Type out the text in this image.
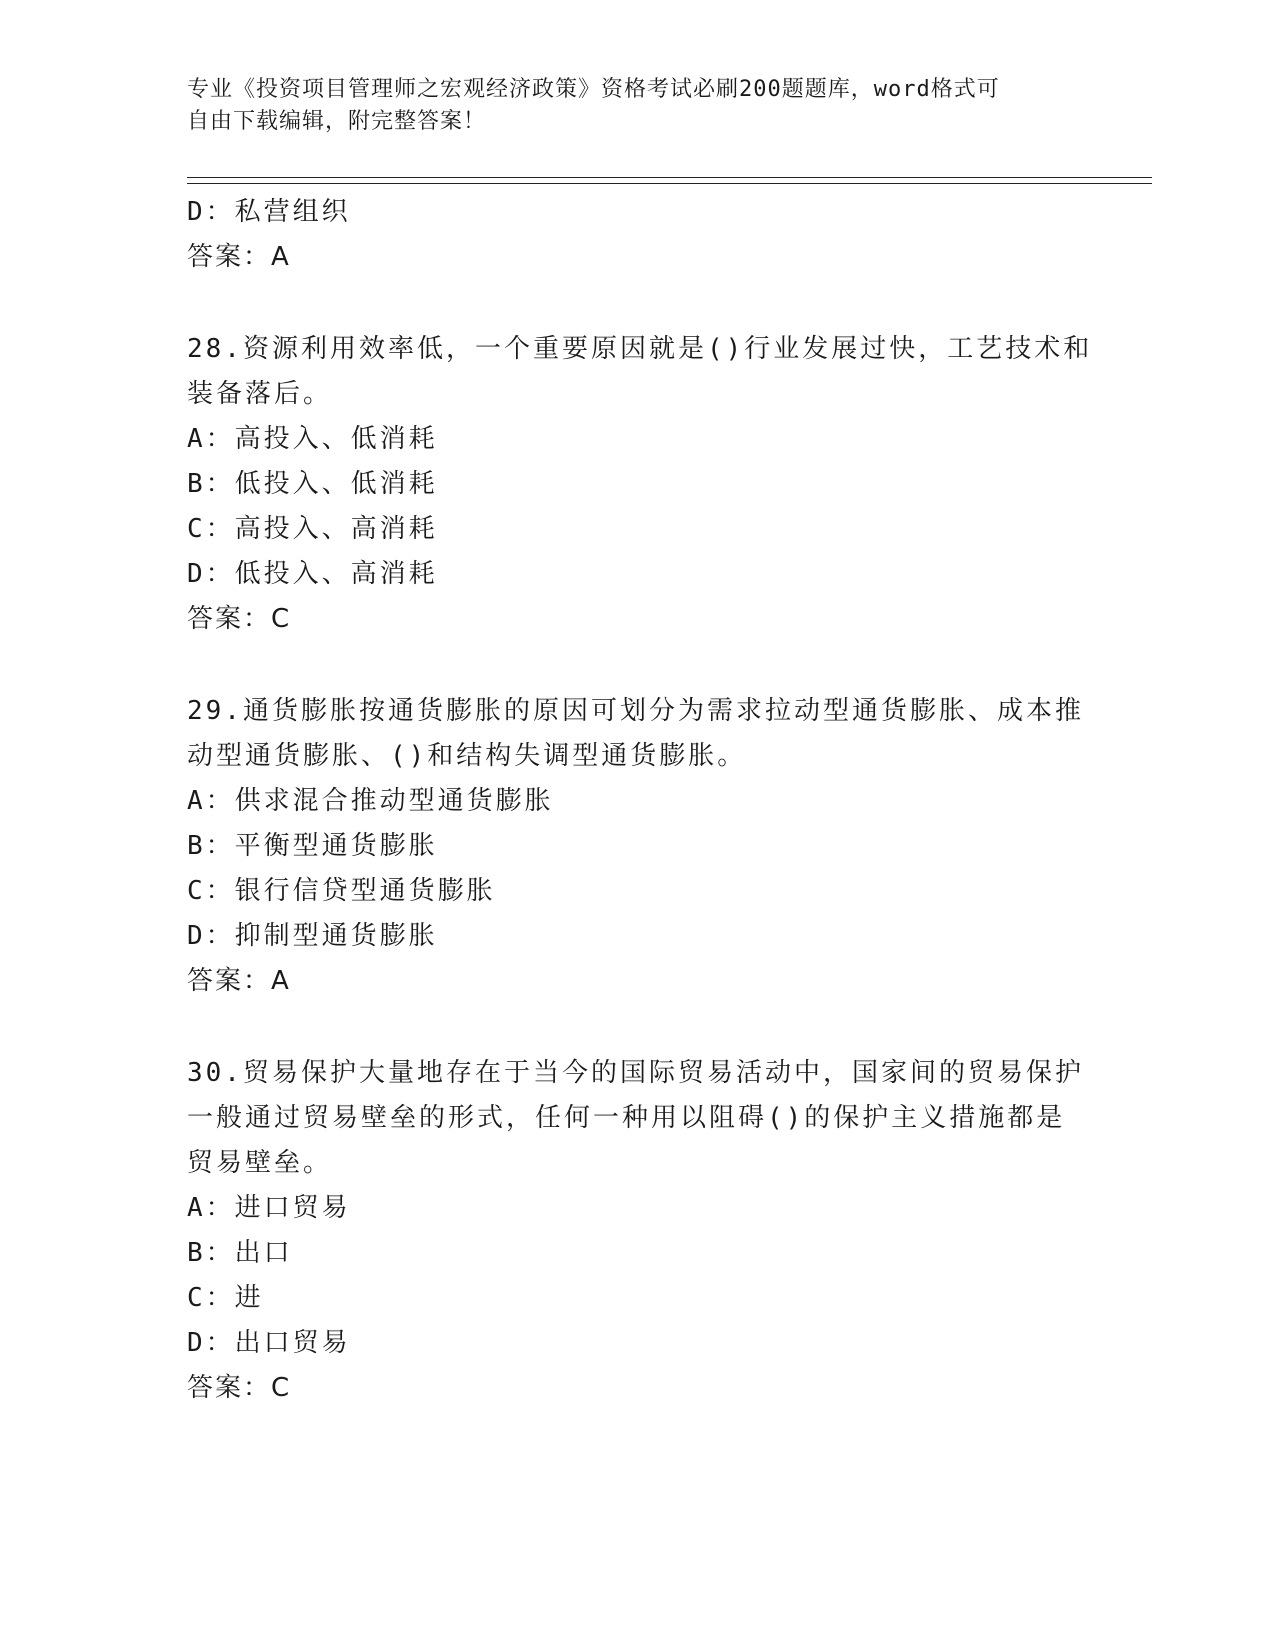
专业《投资项目管理师之宏观经济政策》资格考试必刷200题题库，word格式可
自由下载编辑，附完整答案！
D：私营组织
答案：A
28.资源利用效率低，一个重要原因就是()行业发展过快，工艺技术和
装备落后。
A：高投入、低消耗
B：低投入、低消耗
C：高投入、高消耗
D：低投入、高消耗
答案：C
29.通货膨胀按通货膨胀的原因可划分为需求拉动型通货膨胀、成本推
动型通货膨胀、()和结构失调型通货膨胀。
A：供求混合推动型通货膨胀
B：平衡型通货膨胀
C：银行信贷型通货膨胀
D：抑制型通货膨胀
答案：A
30.贸易保护大量地存在于当今的国际贸易活动中，国家间的贸易保护
一般通过贸易壁垒的形式，任何一种用以阻碍()的保护主义措施都是
贸易壁垒。
A：进口贸易
B：出口
C：进
D：出口贸易
答案：C
